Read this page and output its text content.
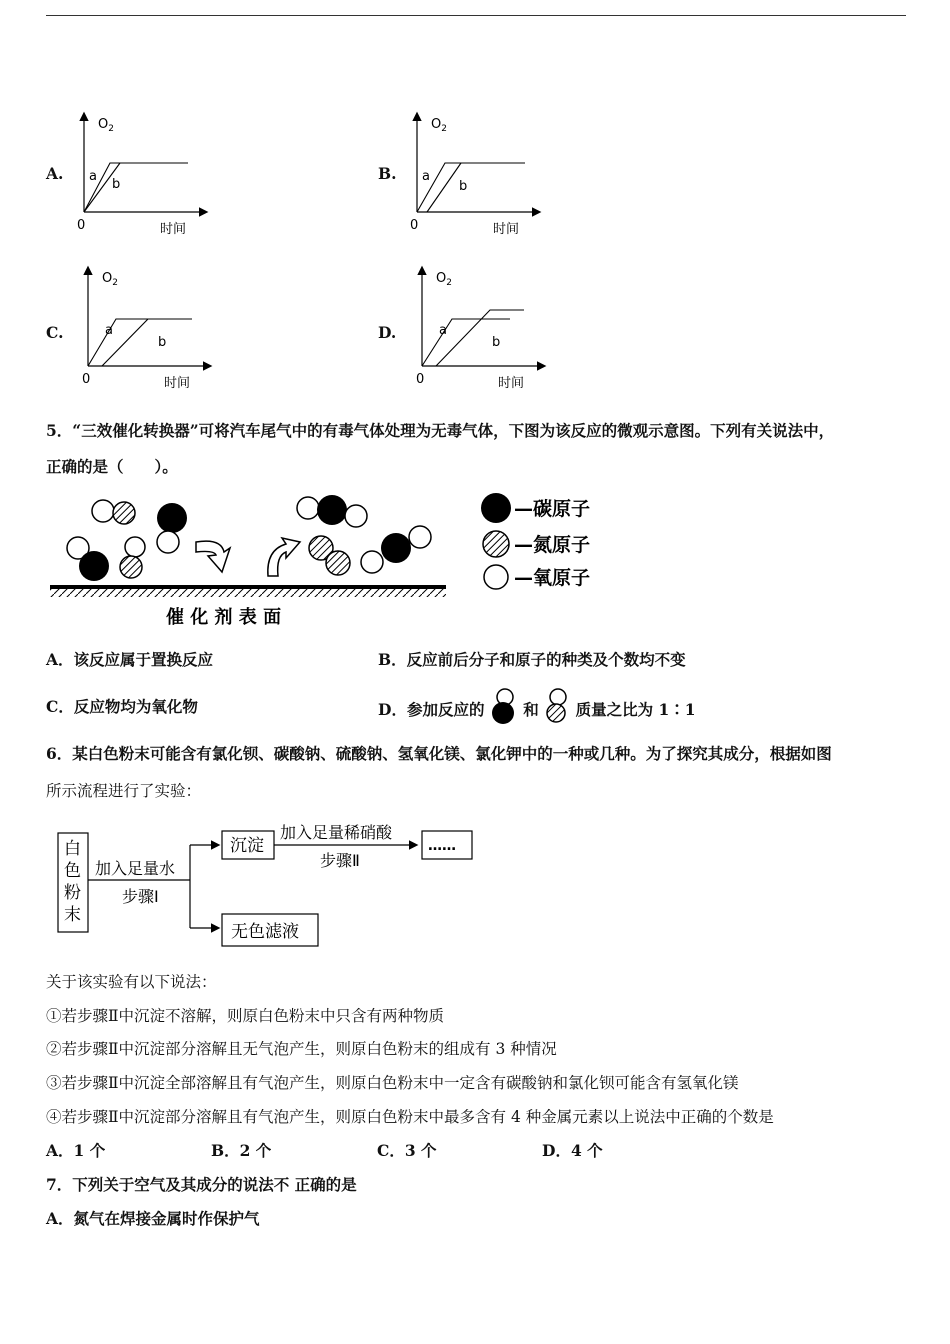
A.	B.
C.	D.
$O_2$
a
b
0	时间
$O_2$
a
b
0	时间
$O_2$
a
b
0	时间
$O_2$
a
b
0	时间
5．“三效催化转换器”可将汽车尾气中的有毒气体处理为无毒气体，下图为该反应的微观示意图。下列有关说法中，
正确的是（　　）。
催 化 剂 表 面
—碳原子
—氮原子
—氧原子
A．该反应属于置换反应	B．反应前后分子和原子的种类及个数均不变
C．反应物均为氧化物	D．参加反应的	和 质量之比为 1∶1
6．某白色粉末可能含有氯化钡、碳酸钠、硫酸钠、氢氧化镁、氯化钾中的一种或几种。为了探究其成分，根据如图
所示流程进行了实验：
白
色
粉
末
加入足量水
步骤Ⅰ
沉淀
加入足量稀硝酸
步骤Ⅱ
……
无色滤液
关于该实验有以下说法：
①若步骤Ⅱ中沉淀不溶解，则原白色粉末中只含有两种物质
②若步骤Ⅱ中沉淀部分溶解且无气泡产生，则原白色粉末的组成有 3 种情况
③若步骤Ⅱ中沉淀全部溶解且有气泡产生，则原白色粉末中一定含有碳酸钠和氯化钡可能含有氢氧化镁
④若步骤Ⅱ中沉淀部分溶解且有气泡产生，则原白色粉末中最多含有 4 种金属元素以上说法中正确的个数是
A．1 个	B．2 个	C．3 个	D．4 个
7．下列关于空气及其成分的说法不 正确的是
A．氮气在焊接金属时作保护气
